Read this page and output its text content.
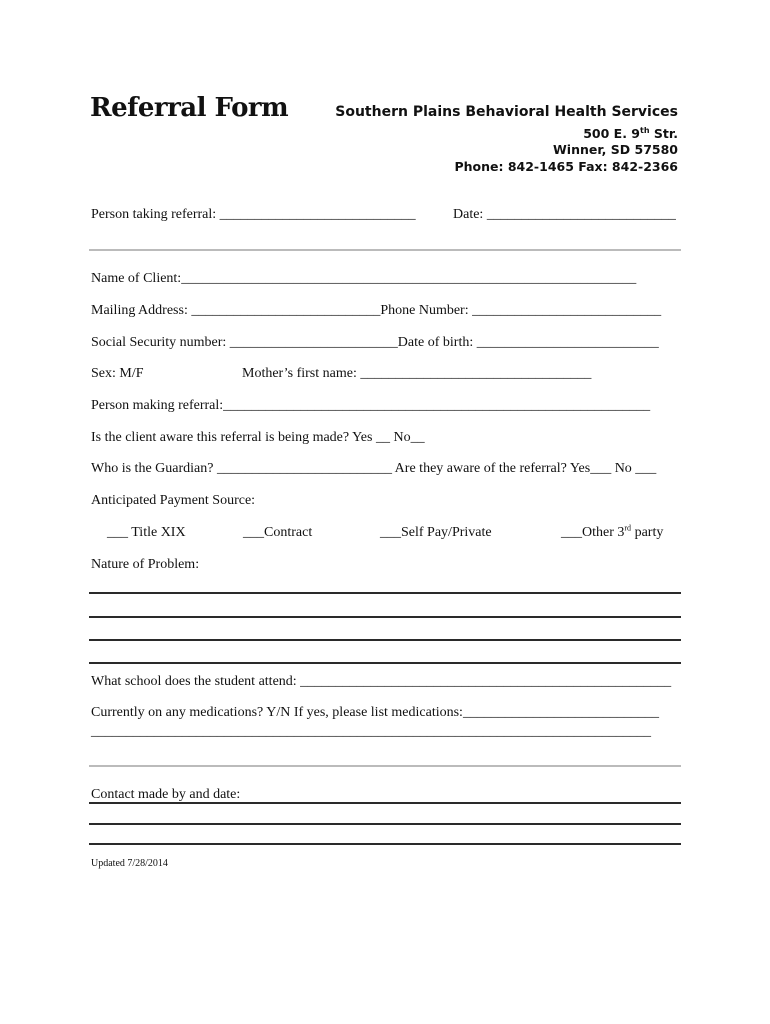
Referral Form	Southern Plains Behavioral Health Services
500 E. 9th Str.
Winner, SD 57580
Phone: 842-1465 Fax: 842-2366
Person taking referral: ____________________________	Date: ___________________________
Name of Client:_________________________________________________________________
Mailing Address: ___________________________Phone Number: ___________________________
Social Security number: ________________________Date of birth: __________________________
Sex: M/F	Mother’s first name: _________________________________
Person making referral:_____________________________________________________________
Is the client aware this referral is being made? Yes __ No__
Who is the Guardian? _________________________ Are they aware of the referral? Yes___ No ___
Anticipated Payment Source:
___ Title XIX	___Contract	___Self Pay/Private	___Other 3rd party
Nature of Problem:
What school does the student attend: _____________________________________________________
Currently on any medications? Y/N If yes, please list medications:____________________________
________________________________________________________________________________
Contact made by and date:
Updated 7/28/2014
